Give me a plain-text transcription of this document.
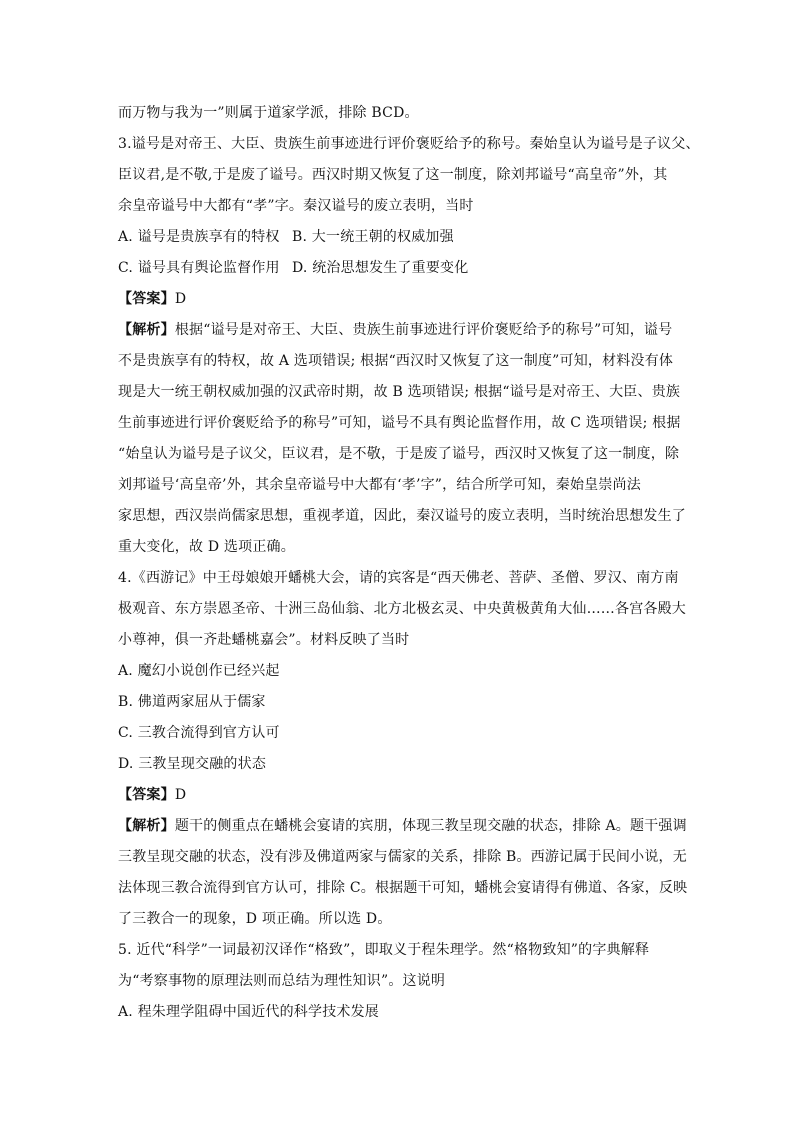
而万物与我为一”则属于道家学派，排除 BCD。
3.谥号是对帝王、大臣、贵族生前事迹进行评价褒贬给予的称号。秦始皇认为谥号是子议父、
臣议君,是不敬,于是废了谥号。西汉时期又恢复了这一制度，除刘邦谥号“高皇帝”外，其
余皇帝谥号中大都有“孝”字。秦汉谥号的废立表明，当时
A. 谥号是贵族享有的特权 B. 大一统王朝的权威加强
C. 谥号具有舆论监督作用 D. 统治思想发生了重要变化
【答案】D
【解析】根据“谥号是对帝王、大臣、贵族生前事迹进行评价褒贬给予的称号”可知，谥号
不是贵族享有的特权，故 A 选项错误; 根据“西汉时又恢复了这一制度”可知，材料没有体
现是大一统王朝权威加强的汉武帝时期，故 B 选项错误; 根据“谥号是对帝王、大臣、贵族
生前事迹进行评价褒贬给予的称号”可知，谥号不具有舆论监督作用，故 C 选项错误; 根据
“始皇认为谥号是子议父，臣议君，是不敬，于是废了谥号，西汉时又恢复了这一制度，除
刘邦谥号‘高皇帝’外，其余皇帝谥号中大都有‘孝’字”，结合所学可知，秦始皇崇尚法
家思想，西汉崇尚儒家思想，重视孝道，因此，秦汉谥号的废立表明，当时统治思想发生了
重大变化，故 D 选项正确。
4.《西游记》中王母娘娘开蟠桃大会，请的宾客是“西天佛老、菩萨、圣僧、罗汉、南方南
极观音、东方崇恩圣帝、十洲三岛仙翁、北方北极玄灵、中央黄极黄角大仙……各宫各殿大
小尊神，俱一齐赴蟠桃嘉会”。材料反映了当时
A. 魔幻小说创作已经兴起
B. 佛道两家屈从于儒家
C. 三教合流得到官方认可
D. 三教呈现交融的状态
【答案】D
【解析】题干的侧重点在蟠桃会宴请的宾朋，体现三教呈现交融的状态，排除 A。题干强调
三教呈现交融的状态，没有涉及佛道两家与儒家的关系，排除 B。西游记属于民间小说，无
法体现三教合流得到官方认可，排除 C。根据题干可知，蟠桃会宴请得有佛道、各家，反映
了三教合一的现象，D 项正确。所以选 D。
5. 近代“科学”一词最初汉译作“格致”，即取义于程朱理学。然“格物致知”的字典解释
为“考察事物的原理法则而总结为理性知识”。这说明
A. 程朱理学阻碍中国近代的科学技术发展
